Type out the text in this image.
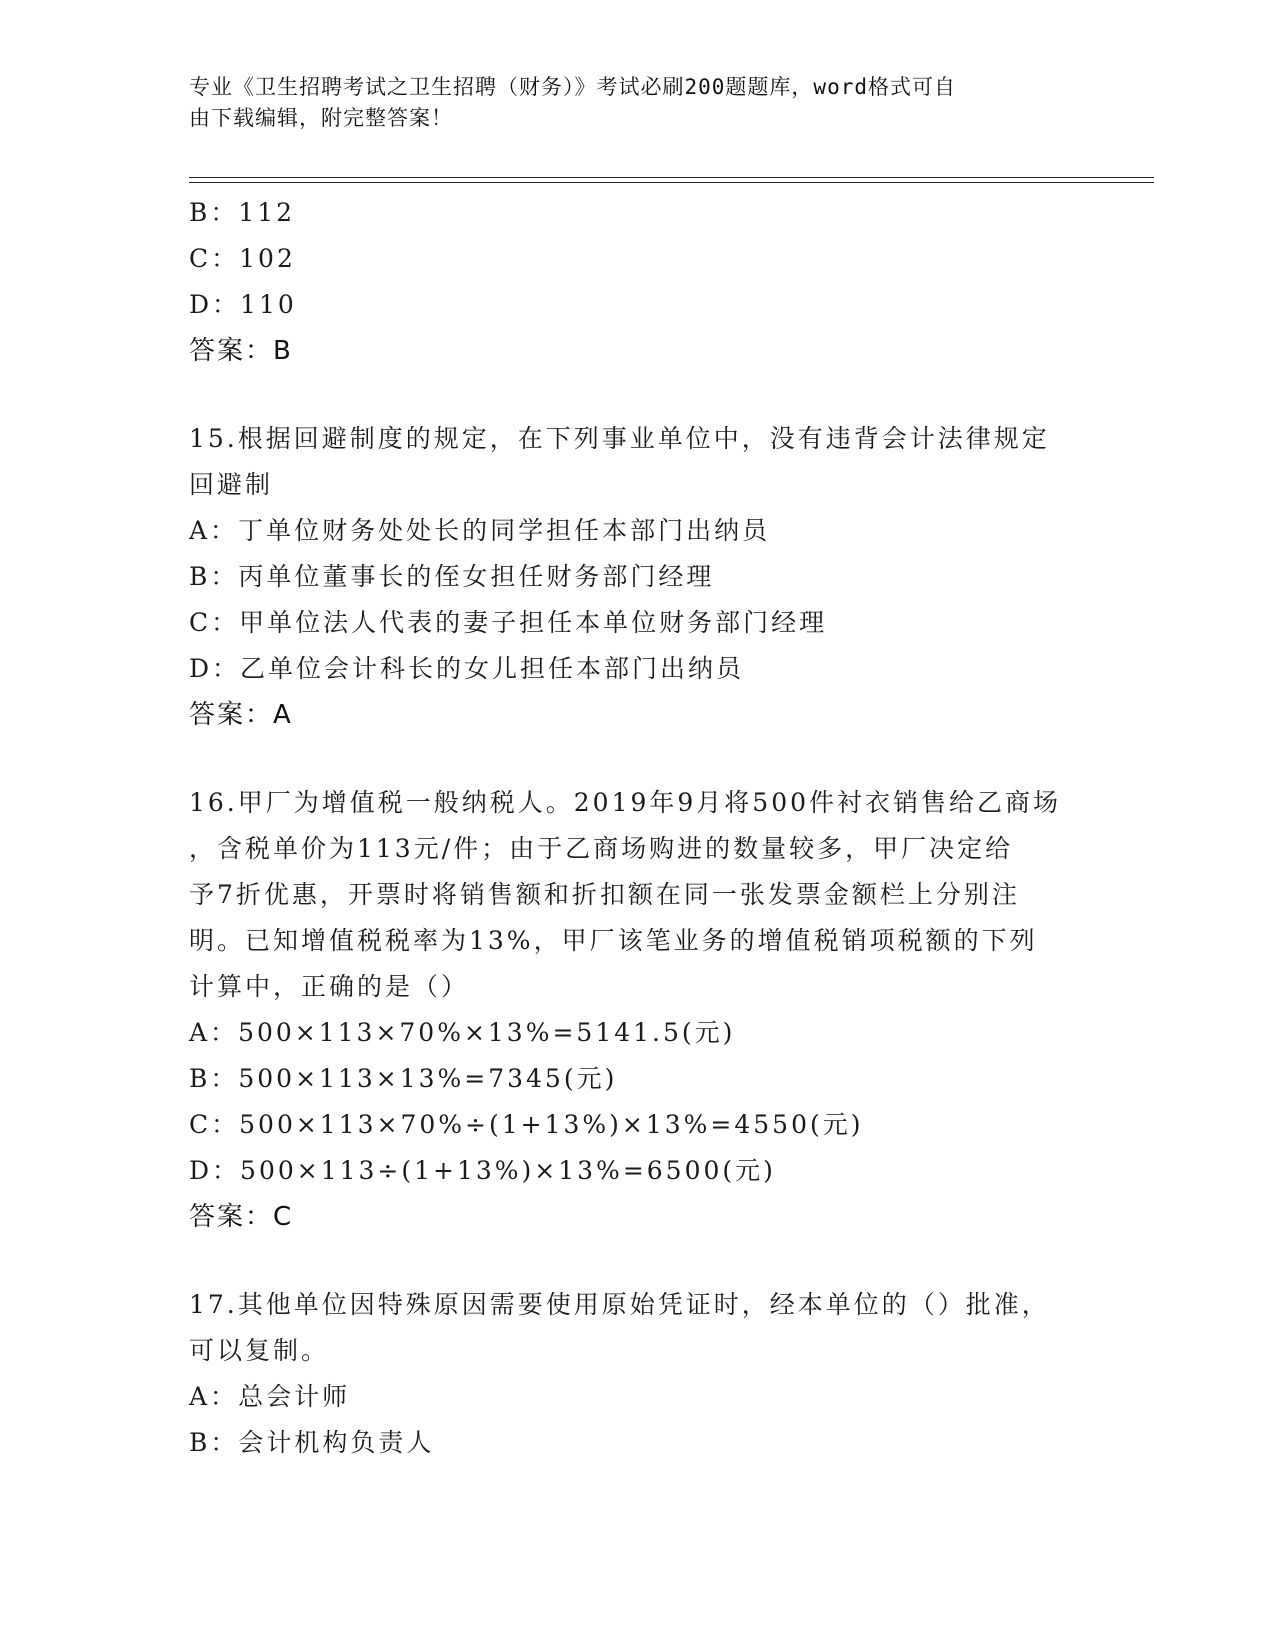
专业《卫生招聘考试之卫生招聘（财务）》考试必刷200题题库，word格式可自
由下载编辑，附完整答案！
B：112
C：102
D：110
答案：B
15.根据回避制度的规定，在下列事业单位中，没有违背会计法律规定
回避制
A：丁单位财务处处长的同学担任本部门出纳员
B：丙单位董事长的侄女担任财务部门经理
C：甲单位法人代表的妻子担任本单位财务部门经理
D：乙单位会计科长的女儿担任本部门出纳员
答案：A
16.甲厂为增值税一般纳税人。2019年9月将500件衬衣销售给乙商场
，含税单价为113元/件；由于乙商场购进的数量较多，甲厂决定给
予7折优惠，开票时将销售额和折扣额在同一张发票金额栏上分别注
明。已知增值税税率为13%，甲厂该笔业务的增值税销项税额的下列
计算中，正确的是（）
A：500×113×70%×13%=5141.5(元)
B：500×113×13%=7345(元)
C：500×113×70%÷(1+13%)×13%=4550(元)
D：500×113÷(1+13%)×13%=6500(元)
答案：C
17.其他单位因特殊原因需要使用原始凭证时，经本单位的（）批准，
可以复制。
A：总会计师
B：会计机构负责人
